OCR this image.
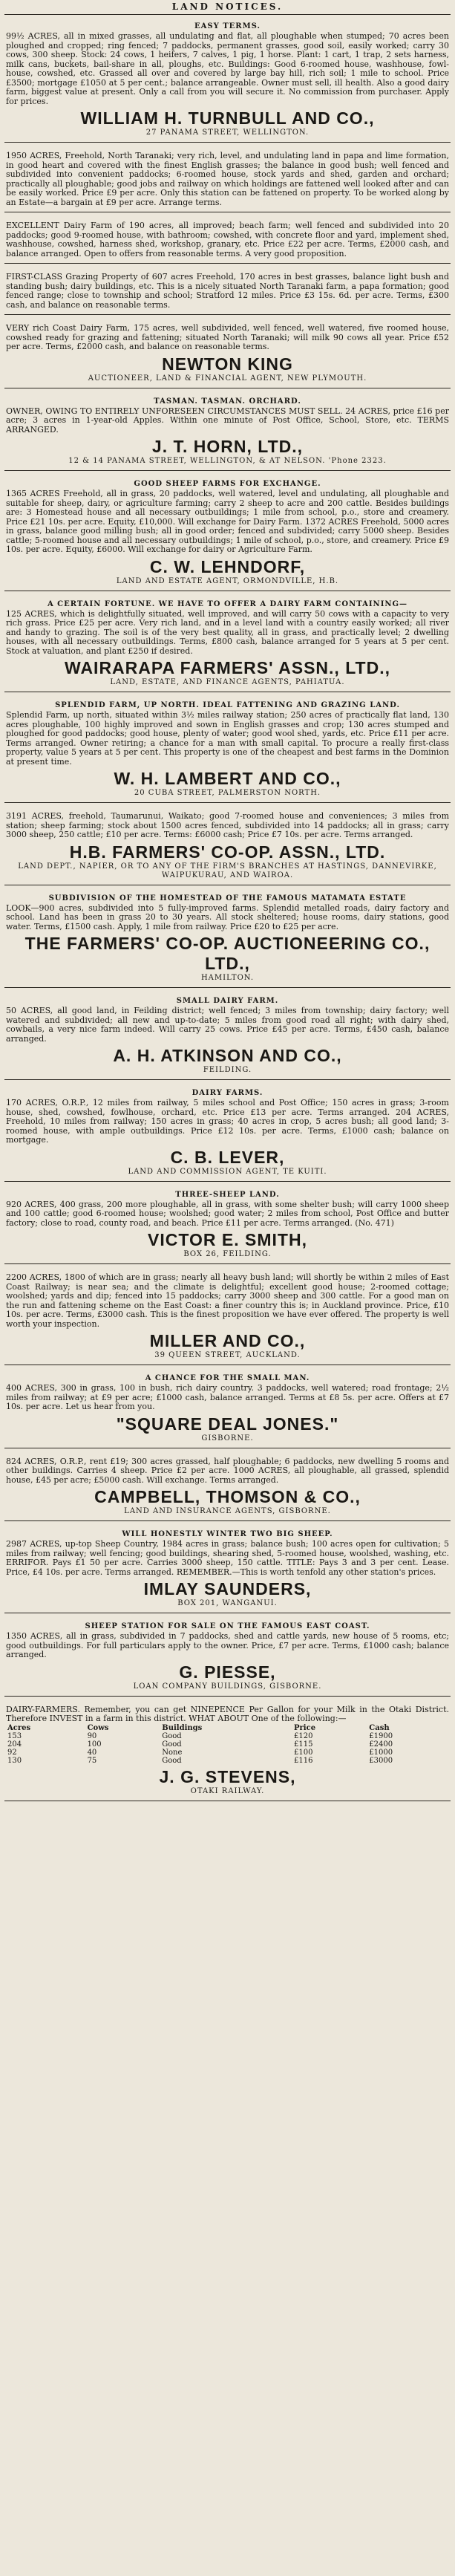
LAND NOTICES.
EASY TERMS.

99½ ACRES, all in mixed grasses, all undulating and flat, all ploughable when stumped; 70 acres been ploughed and cropped; ring fenced; 7 paddocks, permanent grasses, good soil, easily worked; carry 30 cows, 300 sheep. Stock: 24 cows, 1 heifers, 7 calves, 1 pig, 1 horse. Plant: 1 cart, 1 trap, 2 sets harness, milk cans, buckets, bail-share in all, ploughs, etc. Buildings: Good 6-roomed house, washhouse, fowl-house, cowshed, etc. Grassed all over and covered by large bay hill, rich soil; 1 mile to school. Price £3500; mortgage £1050 at 5 per cent.; balance arrangeable. Owner must sell, ill health. Also a good dairy farm, biggest value at present. Only a call from you will secure it. No commission from purchaser. Apply for prices.

WILLIAM H. TURNBULL AND CO.,
27 PANAMA STREET, WELLINGTON.

1950 ACRES, Freehold, North Taranaki; very rich, level, and undulating land in papa and lime formation, in good heart and covered with the finest English grasses; the balance in good bush; well fenced and subdivided into convenient paddocks; 6-roomed house, stock yards and shed, garden and orchard; practically all ploughable; good jobs and railway on which holdings are fattened well looked after and can be easily worked. Price £9 per acre. Only this station can be fattened on property. To be worked along by an Estate—a bargain at £9 per acre. Arrange terms.

EXCELLENT Dairy Farm of 190 acres, all improved; beach farm; well fenced and subdivided into 20 paddocks; good 9-roomed house, with bathroom; cowshed, with concrete floor and yard, implement shed, washhouse, cowshed, harness shed, workshop, granary, etc. Price £22 per acre. Terms, £2000 cash, and balance arranged. Open to offers from reasonable terms. A very good proposition.

FIRST-CLASS Grazing Property of 607 acres Freehold, 170 acres in best grasses, balance light bush and standing bush; dairy buildings, etc. This is a nicely situated North Taranaki farm, a papa formation; good fenced range; close to township and school; Stratford 12 miles. Price £3 15s. 6d. per acre. Terms, £300 cash, and balance on reasonable terms.

VERY rich Coast Dairy Farm, 175 acres, well subdivided, well fenced, well watered, five roomed house, cowshed ready for grazing and fattening; situated North Taranaki; will milk 90 cows all year. Price £52 per acre. Terms, £2000 cash, and balance on reasonable terms.

NEWTON KING
AUCTIONEER, LAND & FINANCIAL AGENT, NEW PLYMOUTH.
TASMAN. TASMAN. ORCHARD.

OWNER, OWING TO ENTIRELY UNFORESEEN CIRCUMSTANCES MUST SELL. 24 ACRES, price £16 per acre; 3 acres in 1-year-old Apples. Within one minute of Post Office, School, Store, etc. TERMS ARRANGED.

J. T. HORN, LTD.,
12 & 14 PANAMA STREET, WELLINGTON, & AT NELSON. 'Phone 2323.
GOOD SHEEP FARMS FOR EXCHANGE.

1365 ACRES Freehold, all in grass, 20 paddocks, well watered, level and undulating, all ploughable and suitable for sheep, dairy, or agriculture farming; carry 2 sheep to acre and 200 cattle. Besides buildings are: 3 Homestead house and all necessary outbuildings; 1 mile from school, p.o., store and creamery. Price £21 10s. per acre. Equity, £10,000. Will exchange for Dairy Farm. 1372 ACRES Freehold, 5000 acres in grass, balance good milling bush; all in good order; fenced and subdivided; carry 5000 sheep. Besides cattle; 5-roomed house and all necessary outbuildings; 1 mile of school, p.o., store, and creamery. Price £9 10s. per acre. Equity, £6000. Will exchange for dairy or Agriculture Farm.

C. W. LEHNDORF,
LAND AND ESTATE AGENT, ORMONDVILLE, H.B.
A CERTAIN FORTUNE. WE HAVE TO OFFER A DAIRY FARM CONTAINING—

125 ACRES, which is delightfully situated, well improved, and will carry 50 cows with a capacity to very rich grass. Price £25 per acre. Very rich land, and in a level land with a country easily worked; all river and handy to grazing. The soil is of the very best quality, all in grass, and practically level; 2 dwelling houses, with all necessary outbuildings. Terms, £800 cash, balance arranged for 5 years at 5 per cent. Stock at valuation, and plant £250 if desired.

WAIRARAPA FARMERS' ASSN., LTD.,
LAND, ESTATE, AND FINANCE AGENTS, PAHIATUA.
SPLENDID FARM, UP NORTH. IDEAL FATTENING AND GRAZING LAND.

Splendid Farm, up north, situated within 3½ miles railway station; 250 acres of practically flat land, 130 acres ploughable, 100 highly improved and sown in English grasses and crop; 130 acres stumped and ploughed for good paddocks; good house, plenty of water; good wool shed, yards, etc. Price £11 per acre. Terms arranged. Owner retiring; a chance for a man with small capital. To procure a really first-class property, value 5 years at 5 per cent. This property is one of the cheapest and best farms in the Dominion at present time.

W. H. LAMBERT AND CO.,
20 CUBA STREET, PALMERSTON NORTH.

3191 ACRES, freehold, Taumarunui, Waikato; good 7-roomed house and conveniences; 3 miles from station; sheep farming; stock about 1500 acres fenced, subdivided into 14 paddocks; all in grass; carry 3000 sheep, 250 cattle; £10 per acre. Terms: £6000 cash; Price £7 10s. per acre. Terms arranged.

H.B. FARMERS' CO-OP. ASSN., LTD.
LAND DEPT., NAPIER, OR TO ANY OF THE FIRM'S BRANCHES AT HASTINGS, DANNEVIRKE, WAIPUKURAU, AND WAIROA.
SUBDIVISION OF THE HOMESTEAD OF THE FAMOUS MATAMATA ESTATE

LOOK—900 acres, subdivided into 5 fully-improved farms. Splendid metalled roads, dairy factory and school. Land has been in grass 20 to 30 years. All stock sheltered; house rooms, dairy stations, good water. Terms, £1500 cash. Apply, 1 mile from railway. Price £20 to £25 per acre.

THE FARMERS' CO-OP. AUCTIONEERING CO., LTD.,
HAMILTON.
SMALL DAIRY FARM.

50 ACRES, all good land, in Feilding district; well fenced; 3 miles from township; dairy factory; well watered and subdivided; all new and up-to-date; 5 miles from good road all right; with dairy shed, cowbails, a very nice farm indeed. Will carry 25 cows. Price £45 per acre. Terms, £450 cash, balance arranged.

A. H. ATKINSON AND CO.,
FEILDING.
DAIRY FARMS.

170 ACRES, O.R.P., 12 miles from railway, 5 miles school and Post Office; 150 acres in grass; 3-room house, shed, cowshed, fowlhouse, orchard, etc. Price £13 per acre. Terms arranged. 204 ACRES, Freehold, 10 miles from railway; 150 acres in grass; 40 acres in crop, 5 acres bush; all good land; 3-roomed house, with ample outbuildings. Price £12 10s. per acre. Terms, £1000 cash; balance on mortgage.

C. B. LEVER,
LAND AND COMMISSION AGENT, TE KUITI.
THREE-SHEEP LAND.

920 ACRES, 400 grass, 200 more ploughable, all in grass, with some shelter bush; will carry 1000 sheep and 100 cattle; good 6-roomed house; woolshed; good water; 2 miles from school, Post Office and butter factory; close to road, county road, and beach. Price £11 per acre. Terms arranged. (No. 471)

VICTOR E. SMITH,
BOX 26, FEILDING.

2200 ACRES, 1800 of which are in grass; nearly all heavy bush land; will shortly be within 2 miles of East Coast Railway; is near sea; and the climate is delightful; excellent good house; 2-roomed cottage; woolshed; yards and dip; fenced into 15 paddocks; carry 3000 sheep and 300 cattle. For a good man on the run and fattening scheme on the East Coast: a finer country this is; in Auckland province. Price, £10 10s. per acre. Terms, £3000 cash. This is the finest proposition we have ever offered. The property is well worth your inspection.

MILLER AND CO.,
39 QUEEN STREET, AUCKLAND.
A CHANCE FOR THE SMALL MAN.

400 ACRES, 300 in grass, 100 in bush, rich dairy country. 3 paddocks, well watered; road frontage; 2½ miles from railway; at £9 per acre; £1000 cash, balance arranged. Terms at £8 5s. per acre. Offers at £7 10s. per acre. Let us hear from you.

"SQUARE DEAL JONES."
GISBORNE.

824 ACRES, O.R.P., rent £19; 300 acres grassed, half ploughable; 6 paddocks, new dwelling 5 rooms and other buildings. Carries 4 sheep. Price £2 per acre. 1000 ACRES, all ploughable, all grassed, splendid house, £45 per acre; £5000 cash. Will exchange. Terms arranged.

CAMPBELL, THOMSON & CO.,
LAND AND INSURANCE AGENTS, GISBORNE.
WILL HONESTLY WINTER TWO BIG SHEEP.

2987 ACRES, up-top Sheep Country, 1984 acres in grass; balance bush; 100 acres open for cultivation; 5 miles from railway; well fencing; good buildings, shearing shed, 5-roomed house, woolshed, washing, etc. ERRIFOR. Pays £1 50 per acre. Carries 3000 sheep, 150 cattle. TITLE: Pays 3 and 3 per cent. Lease. Price, £4 10s. per acre. Terms arranged. REMEMBER.—This is worth tenfold any other station's prices.

IMLAY SAUNDERS,
BOX 201, WANGANUI.
SHEEP STATION FOR SALE ON THE FAMOUS EAST COAST.

1350 ACRES, all in grass, subdivided in 7 paddocks, shed and cattle yards, new house of 5 rooms, etc; good outbuildings. For full particulars apply to the owner. Price, £7 per acre. Terms, £1000 cash; balance arranged.

G. PIESSE,
LOAN COMPANY BUILDINGS, GISBORNE.

DAIRY-FARMERS. Remember, you can get NINEPENCE Per Gallon for your Milk in the Otaki District. Therefore INVEST in a farm in this district. WHAT ABOUT One of the following:—

Acres	Cows	Buildings	Price	Cash
153	90	Good	£120	£1900
204	100	Good	£115	£2400
92	40	None	£100	£1000
130	75	Good	£116	£3000
J. G. STEVENS,
OTAKI RAILWAY.
